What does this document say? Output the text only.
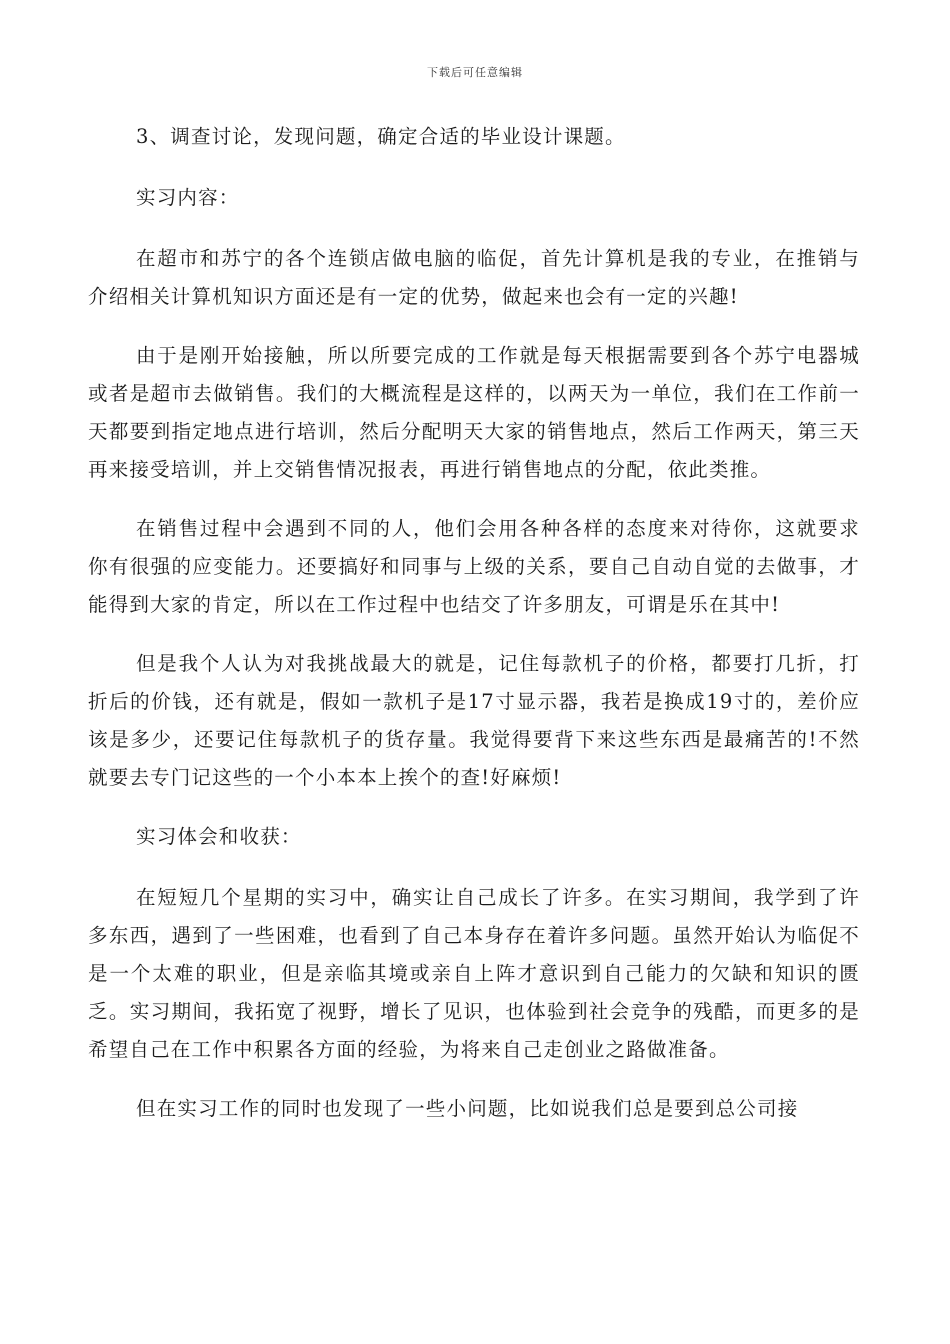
下载后可任意编辑

3、调查讨论，发现问题，确定合适的毕业设计课题。

实习内容：

在超市和苏宁的各个连锁店做电脑的临促，首先计算机是我的专业，在推销与介绍相关计算机知识方面还是有一定的优势，做起来也会有一定的兴趣!

由于是刚开始接触，所以所要完成的工作就是每天根据需要到各个苏宁电器城或者是超市去做销售。我们的大概流程是这样的，以两天为一单位，我们在工作前一天都要到指定地点进行培训，然后分配明天大家的销售地点，然后工作两天，第三天再来接受培训，并上交销售情况报表，再进行销售地点的分配，依此类推。

在销售过程中会遇到不同的人，他们会用各种各样的态度来对待你，这就要求你有很强的应变能力。还要搞好和同事与上级的关系，要自己自动自觉的去做事，才能得到大家的肯定，所以在工作过程中也结交了许多朋友，可谓是乐在其中!

但是我个人认为对我挑战最大的就是，记住每款机子的价格，都要打几折，打折后的价钱，还有就是，假如一款机子是17寸显示器，我若是换成19寸的，差价应该是多少，还要记住每款机子的货存量。我觉得要背下来这些东西是最痛苦的!不然就要去专门记这些的一个小本本上挨个的查!好麻烦!

实习体会和收获：

在短短几个星期的实习中，确实让自己成长了许多。在实习期间，我学到了许多东西，遇到了一些困难，也看到了自己本身存在着许多问题。虽然开始认为临促不是一个太难的职业，但是亲临其境或亲自上阵才意识到自己能力的欠缺和知识的匮乏。实习期间，我拓宽了视野，增长了见识，也体验到社会竞争的残酷，而更多的是希望自己在工作中积累各方面的经验，为将来自己走创业之路做准备。

但在实习工作的同时也发现了一些小问题，比如说我们总是要到总公司接
